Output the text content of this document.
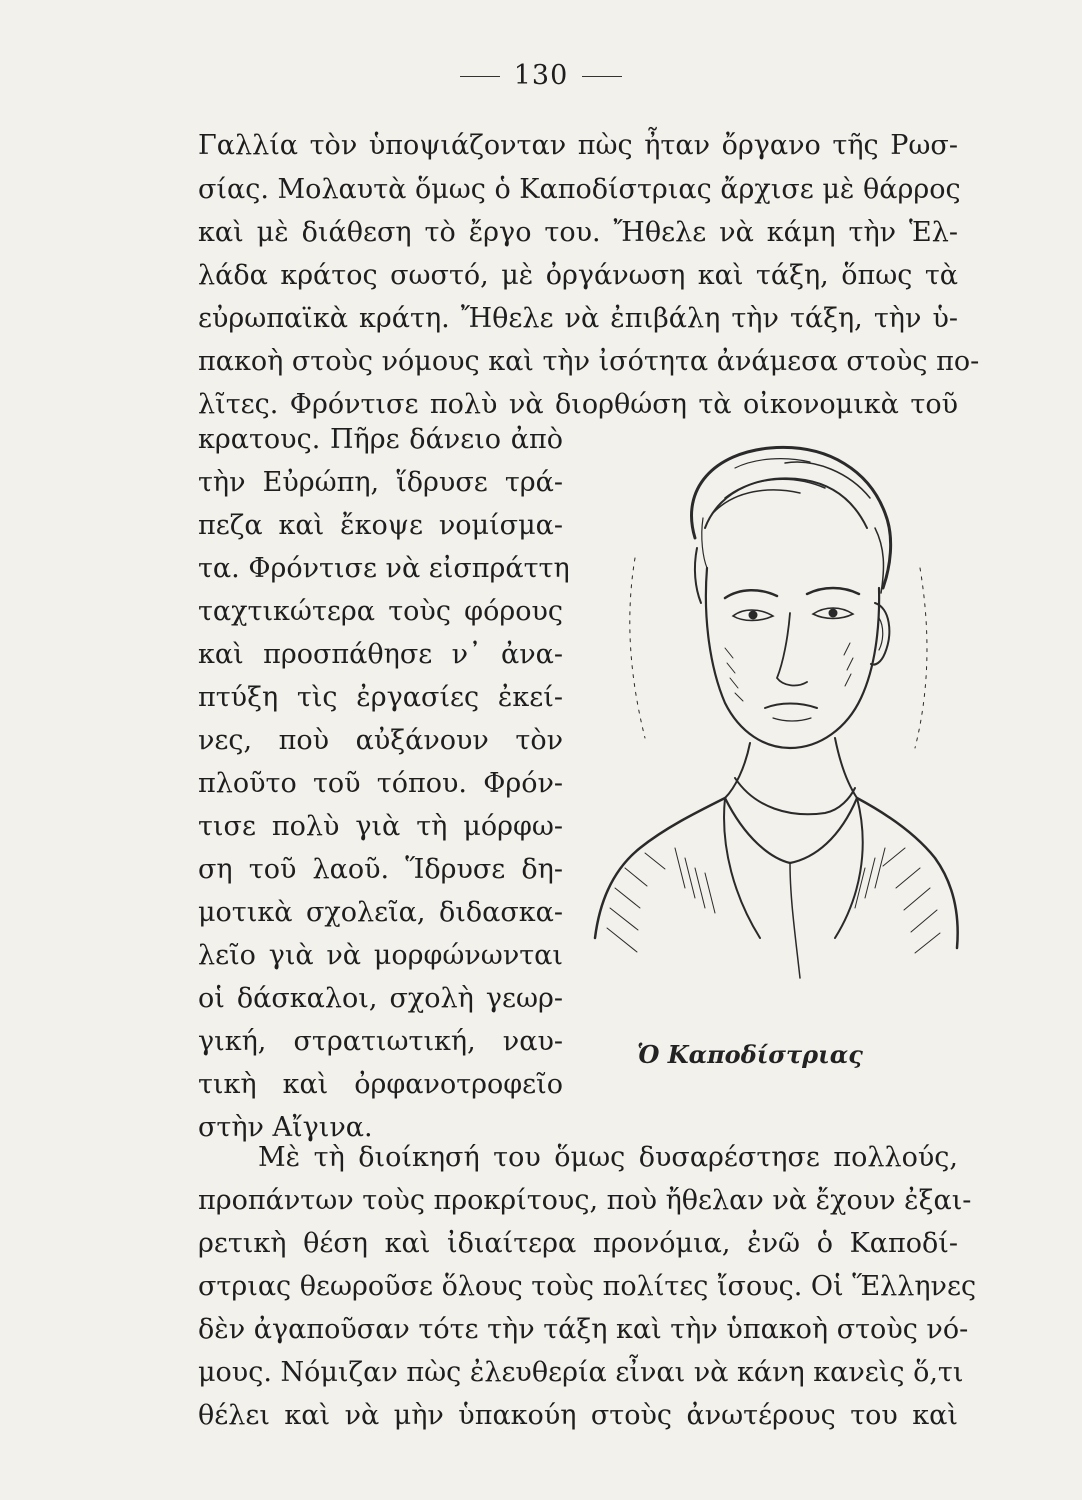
130
Γαλλία τὸν ὑποψιάζονταν πὼς ἦταν ὄργανο τῆς Ρωσ-
σίας. Μολαυτὰ ὅμως ὁ Καποδίστριας ἄρχισε μὲ θάρρος
καὶ μὲ διάθεση τὸ ἔργο του. Ἤθελε νὰ κάμη τὴν Ἑλ-
λάδα κράτος σωστό, μὲ ὀργάνωση καὶ τάξη, ὅπως τὰ
εὐρωπαϊκὰ κράτη. Ἤθελε νὰ ἐπιβάλη τὴν τάξη, τὴν ὑ-
πακοὴ στοὺς νόμους καὶ τὴν ἰσότητα ἀνάμεσα στοὺς πο-
λῖτες. Φρόντισε πολὺ νὰ διορθώση τὰ οἰκονομικὰ τοῦ
κρατους. Πῆρε δάνειο ἀπὸ
τὴν Εὐρώπη, ἵδρυσε τρά-
πεζα καὶ ἔκοψε νομίσμα-
τα. Φρόντισε νὰ εἰσπράττη
ταχτικώτερα τοὺς φόρους
καὶ προσπάθησε ν᾽ ἀνα-
πτύξη τὶς ἐργασίες ἐκεί-
νες, ποὺ αὐξάνουν τὸν
πλοῦτο τοῦ τόπου. Φρόν-
τισε πολὺ γιὰ τὴ μόρφω-
ση τοῦ λαοῦ. Ἵδρυσε δη-
μοτικὰ σχολεῖα, διδασκα-
λεῖο γιὰ νὰ μορφώνωνται
οἱ δάσκαλοι, σχολὴ γεωρ-
γική, στρατιωτική, ναυ-
τικὴ καὶ ὀρφανοτροφεῖο
στὴν Αἴγινα.
Ὁ Καποδίστριας
Μὲ τὴ διοίκησή του ὅμως δυσαρέστησε πολλούς,
προπάντων τοὺς προκρίτους, ποὺ ἤθελαν νὰ ἔχουν ἐξαι-
ρετικὴ θέση καὶ ἰδιαίτερα προνόμια, ἐνῶ ὁ Καποδί-
στριας θεωροῦσε ὅλους τοὺς πολίτες ἴσους. Οἱ Ἕλληνες
δὲν ἀγαποῦσαν τότε τὴν τάξη καὶ τὴν ὑπακοὴ στοὺς νό-
μους. Νόμιζαν πὼς ἐλευθερία εἶναι νὰ κάνη κανεὶς ὅ,τι
θέλει καὶ νὰ μὴν ὑπακούη στοὺς ἀνωτέρους του καὶ
